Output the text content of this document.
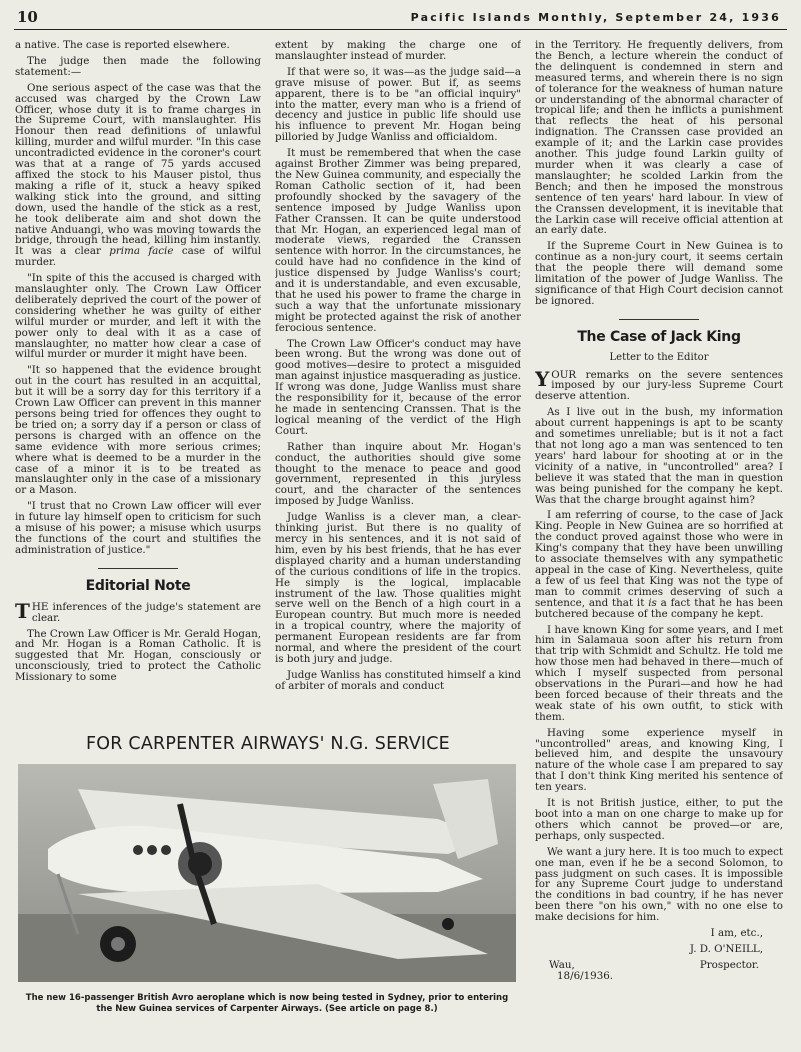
10	Pacific Islands Monthly, September 24, 1936

a native. The case is reported elsewhere.

The judge then made the following statement:—

One serious aspect of the case was that the accused was charged by the Crown Law Officer, whose duty it is to frame charges in the Supreme Court, with manslaughter. His Honour then read definitions of unlawful killing, murder and wilful murder. "In this case uncontradicted evidence in the coroner's court was that at a range of 75 yards accused affixed the stock to his Mauser pistol, thus making a rifle of it, stuck a heavy spiked walking stick into the ground, and sitting down, used the handle of the stick as a rest, he took deliberate aim and shot down the native Anduangi, who was moving towards the bridge, through the head, killing him instantly. It was a clear prima facie case of wilful murder.

"In spite of this the accused is charged with manslaughter only. The Crown Law Officer deliberately deprived the court of the power of considering whether he was guilty of either wilful murder or murder, and left it with the power only to deal with it as a case of manslaughter, no matter how clear a case of wilful murder or murder it might have been.

"It so happened that the evidence brought out in the court has resulted in an acquittal, but it will be a sorry day for this territory if a Crown Law Officer can prevent in this manner persons being tried for offences they ought to be tried on; a sorry day if a person or class of persons is charged with an offence on the same evidence with more serious crimes; where what is deemed to be a murder in the case of a minor it is to be treated as manslaughter only in the case of a missionary or a Mason.

"I trust that no Crown Law officer will ever in future lay himself open to criticism for such a misuse of his power; a misuse which usurps the functions of the court and stultifies the administration of justice."

Editorial Note

THE inferences of the judge's statement are clear.

The Crown Law Officer is Mr. Gerald Hogan, and Mr. Hogan is a Roman Catholic. It is suggested that Mr. Hogan, consciously or unconsciously, tried to protect the Catholic Missionary to some

extent by making the charge one of manslaughter instead of murder.

If that were so, it was—as the judge said—a grave misuse of power. But if, as seems apparent, there is to be "an official inquiry" into the matter, every man who is a friend of decency and justice in public life should use his influence to prevent Mr. Hogan being pilloried by Judge Wanliss and officialdom.

It must be remembered that when the case against Brother Zimmer was being prepared, the New Guinea community, and especially the Roman Catholic section of it, had been profoundly shocked by the savagery of the sentence imposed by Judge Wanliss upon Father Cranssen. It can be quite understood that Mr. Hogan, an experienced legal man of moderate views, regarded the Cranssen sentence with horror. In the circumstances, he could have had no confidence in the kind of justice dispensed by Judge Wanliss's court; and it is understandable, and even excusable, that he used his power to frame the charge in such a way that the unfortunate missionary might be protected against the risk of another ferocious sentence.

The Crown Law Officer's conduct may have been wrong. But the wrong was done out of good motives—desire to protect a misguided man against injustice masquerading as justice. If wrong was done, Judge Wanliss must share the responsibility for it, because of the error he made in sentencing Cranssen. That is the logical meaning of the verdict of the High Court.

Rather than inquire about Mr. Hogan's conduct, the authorities should give some thought to the menace to peace and good government, represented in this juryless court, and the character of the sentences imposed by Judge Wanliss.

Judge Wanliss is a clever man, a clear-thinking jurist. But there is no quality of mercy in his sentences, and it is not said of him, even by his best friends, that he has ever displayed charity and a human understanding of the curious conditions of life in the tropics. He simply is the logical, implacable instrument of the law. Those qualities might serve well on the Bench of a high court in a European country. But much more is needed in a tropical country, where the majority of permanent European residents are far from normal, and where the president of the court is both jury and judge.

Judge Wanliss has constituted himself a kind of arbiter of morals and conduct

in the Territory. He frequently delivers, from the Bench, a lecture wherein the conduct of the delinquent is condemned in stern and measured terms, and wherein there is no sign of tolerance for the weakness of human nature or understanding of the abnormal character of tropical life; and then he inflicts a punishment that reflects the heat of his personal indignation. The Cranssen case provided an example of it; and the Larkin case provides another. This judge found Larkin guilty of murder when it was clearly a case of manslaughter; he scolded Larkin from the Bench; and then he imposed the monstrous sentence of ten years' hard labour. In view of the Cranssen development, it is inevitable that the Larkin case will receive official attention at an early date.

If the Supreme Court in New Guinea is to continue as a non-jury court, it seems certain that the people there will demand some limitation of the power of Judge Wanliss. The significance of that High Court decision cannot be ignored.

The Case of Jack King
Letter to the Editor

YOUR remarks on the severe sentences imposed by our jury-less Supreme Court deserve attention.

As I live out in the bush, my information about current happenings is apt to be scanty and sometimes unreliable; but is it not a fact that not long ago a man was sentenced to ten years' hard labour for shooting at or in the vicinity of a native, in "uncontrolled" area? I believe it was stated that the man in question was being punished for the company he kept. Was that the charge brought against him?

I am referring of course, to the case of Jack King. People in New Guinea are so horrified at the conduct proved against those who were in King's company that they have been unwilling to associate themselves with any sympathetic appeal in the case of King. Nevertheless, quite a few of us feel that King was not the type of man to commit crimes deserving of such a sentence, and that it is a fact that he has been butchered because of the company he kept.

I have known King for some years, and I met him in Salamaua soon after his return from that trip with Schmidt and Schultz. He told me how those men had behaved in there—much of which I myself suspected from personal observations in the Purari—and how he had been forced because of their threats and the weak state of his own outfit, to stick with them.

Having some experience myself in "uncontrolled" areas, and knowing King, I believed him, and despite the unsavoury nature of the whole case I am prepared to say that I don't think King merited his sentence of ten years.

It is not British justice, either, to put the boot into a man on one charge to make up for others which cannot be proved—or are, perhaps, only suspected.

We want a jury here. It is too much to expect one man, even if he be a second Solomon, to pass judgment on such cases. It is impossible for any Supreme Court judge to understand the conditions in bad country, if he has never been there "on his own," with no one else to make decisions for him.

I am, etc.,

J. D. O'NEILL,

Wau,	Prospector.

18/6/1936.

FOR CARPENTER AIRWAYS' N.G. SERVICE
The new 16-passenger British Avro aeroplane which is now being tested in Sydney, prior to entering the New Guinea services of Carpenter Airways. (See article on page 8.)
